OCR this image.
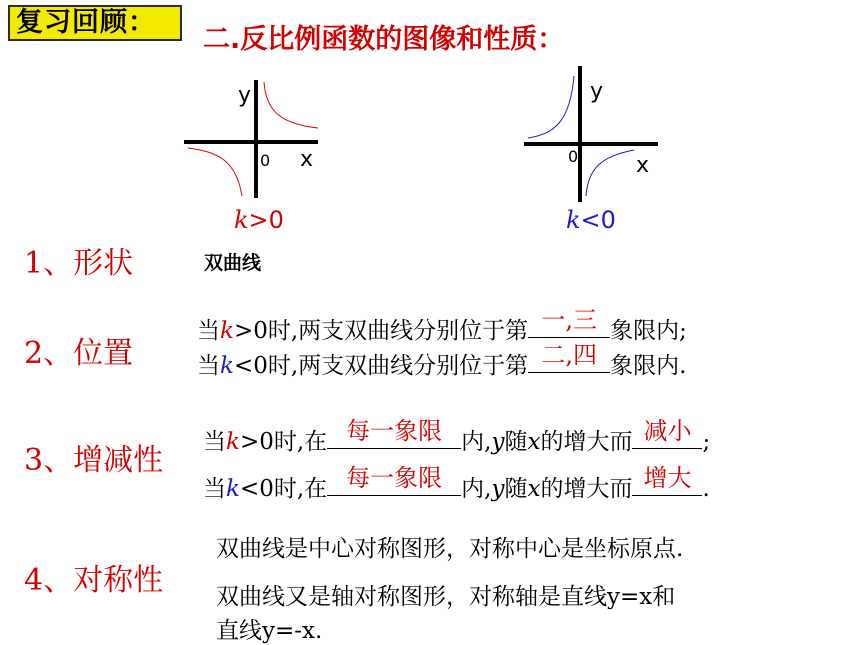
复习回顾：
二.反比例函数的图像和性质：
y
x
0
k>0
y
x
0
k<0
1、形状	双曲线
2、位置
当k>0时,两支双曲线分别位于第 一,三 象限内;
当k<0时,两支双曲线分别位于第 二,四 象限内.
3、增减性
当k>0时,在 每一象限 内,y随x的增大而 减小 ;
当k<0时,在 每一象限 内,y随x的增大而 增大 .
4、对称性
双曲线是中心对称图形，对称中心是坐标原点.
双曲线又是轴对称图形，对称轴是直线y=x和
直线y=-x.
